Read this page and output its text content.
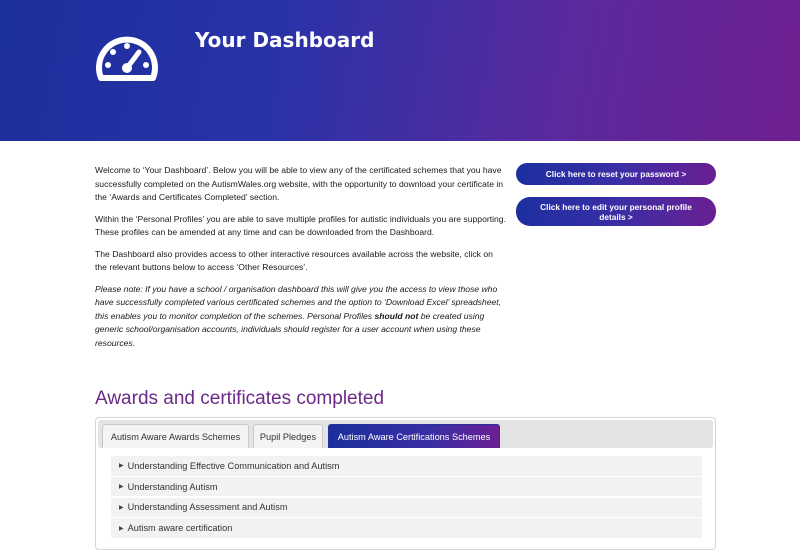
Your Dashboard

Welcome to ‘Your Dashboard’. Below you will be able to view any of the certificated schemes that you have successfully completed on the AutismWales.org website, with the opportunity to download your certificate in the ‘Awards and Certificates Completed’ section.

Within the ‘Personal Profiles’ you are able to save multiple profiles for autistic individuals you are supporting. These profiles can be amended at any time and can be downloaded from the Dashboard.

The Dashboard also provides access to other interactive resources available across the website, click on the relevant buttons below to access ‘Other Resources’.

Please note: If you have a school / organisation dashboard this will give you the access to view those who have successfully completed various certificated schemes and the option to ‘Download Excel’ spreadsheet, this enables you to monitor completion of the schemes. Personal Profiles should not be created using generic school/organisation accounts, individuals should register for a user account when using these resources.

Click here to reset your password >
Click here to edit your personal profile details >
Awards and certificates completed
Autism Aware Awards Schemes	Pupil Pledges	Autism Aware Certifications Schemes
▶ Understanding Effective Communication and Autism
▶ Understanding Autism
▶ Understanding Assessment and Autism
▶ Autism aware certification
